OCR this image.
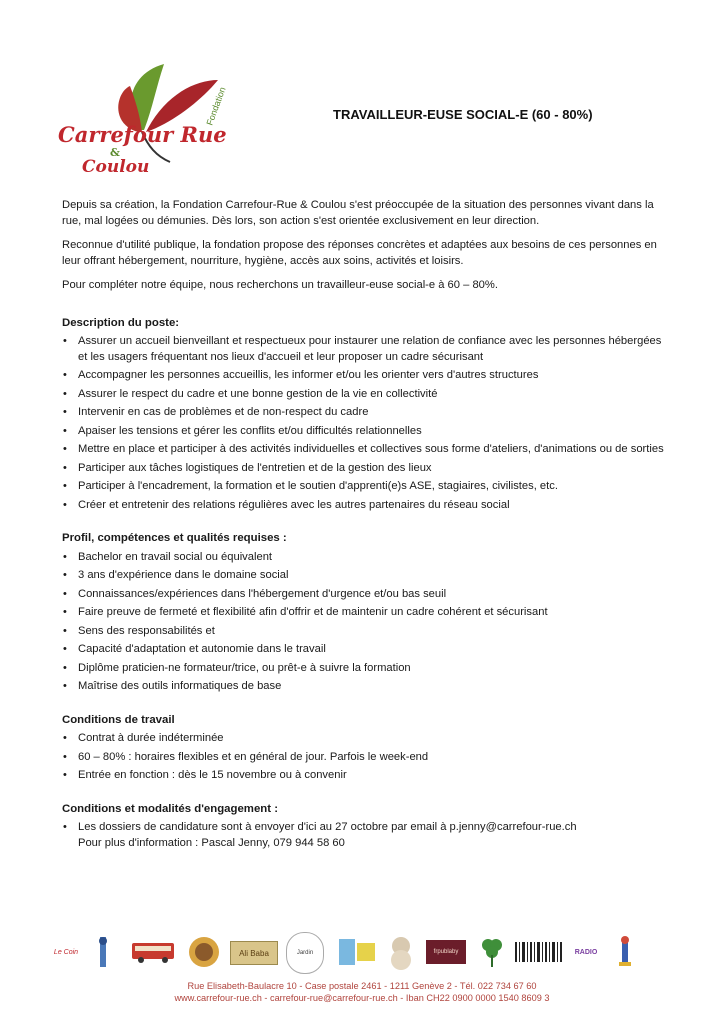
Carrefour Rue
&
Coulou
Fondation	TRAVAILLEUR-EUSE SOCIAL-E (60 - 80%)

Depuis sa création, la Fondation Carrefour-Rue & Coulou s'est préoccupée de la situation des personnes vivant dans la rue, mal logées ou démunies. Dès lors, son action s'est orientée exclusivement en leur direction.

Reconnue d'utilité publique, la fondation propose des réponses concrètes et adaptées aux besoins de ces personnes en leur offrant hébergement, nourriture, hygiène, accès aux soins, activités et loisirs.

Pour compléter notre équipe, nous recherchons un travailleur-euse social-e à 60 – 80%.

Description du poste:
• Assurer un accueil bienveillant et respectueux pour instaurer une relation de confiance avec les personnes hébergées et les usagers fréquentant nos lieux d'accueil et leur proposer un cadre sécurisant
• Accompagner les personnes accueillis, les informer et/ou les orienter vers d'autres structures
• Assurer le respect du cadre et une bonne gestion de la vie en collectivité
• Intervenir en cas de problèmes et de non-respect du cadre
• Apaiser les tensions et gérer les conflits et/ou difficultés relationnelles
• Mettre en place et participer à des activités individuelles et collectives sous forme d'ateliers, d'animations ou de sorties
• Participer aux tâches logistiques de l'entretien et de la gestion des lieux
• Participer à l'encadrement, la formation et le soutien d'apprenti(e)s ASE, stagiaires, civilistes, etc.
• Créer et entretenir des relations régulières avec les autres partenaires du réseau social
Profil, compétences et qualités requises :
• Bachelor en travail social ou équivalent
• 3 ans d'expérience dans le domaine social
• Connaissances/expériences dans l'hébergement d'urgence et/ou bas seuil
• Faire preuve de fermeté et flexibilité afin d'offrir et de maintenir un cadre cohérent et sécurisant
• Sens des responsabilités et
• Capacité d'adaptation et autonomie dans le travail
• Diplôme praticien-ne formateur/trice, ou prêt-e à suivre la formation
• Maîtrise des outils informatiques de base
Conditions de travail
• Contrat à durée indéterminée
• 60 – 80% : horaires flexibles et en général de jour. Parfois le week-end
• Entrée en fonction : dès le 15 novembre ou à convenir
Conditions et modalités d'engagement :
• Les dossiers de candidature sont à envoyer d'ici au 27 octobre par email à p.jenny@carrefour-rue.ch
Pour plus d'information : Pascal Jenny, 079 944 58 60
Le Coin	Ali Baba	Jardin	frpublaby	RADIO
Rue Elisabeth-Baulacre 10 - Case postale 2461 - 1211 Genève 2 - Tél. 022 734 67 60
www.carrefour-rue.ch - carrefour-rue@carrefour-rue.ch - Iban CH22 0900 0000 1540 8609 3
